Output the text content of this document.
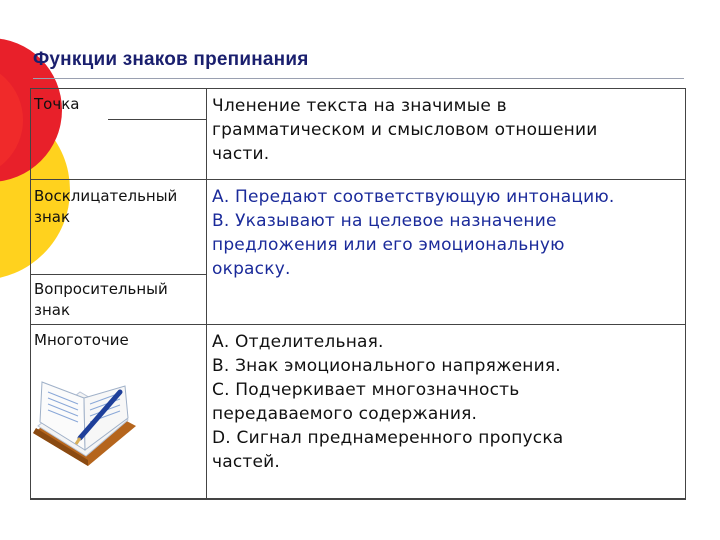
Функции знаков препинания
Точка	Членение текста на значимые в
грамматическом и смысловом отношении
части.
Восклицательный
знак
А. Передают соответствующую интонацию.
В. Указывают на целевое назначение
предложения или его эмоциональную
окраску.
Вопросительный
знак
Многоточие	А. Отделительная.
В. Знак эмоционального напряжения.
С. Подчеркивает многозначность
передаваемого содержания.
D. Сигнал преднамеренного пропуска
частей.
